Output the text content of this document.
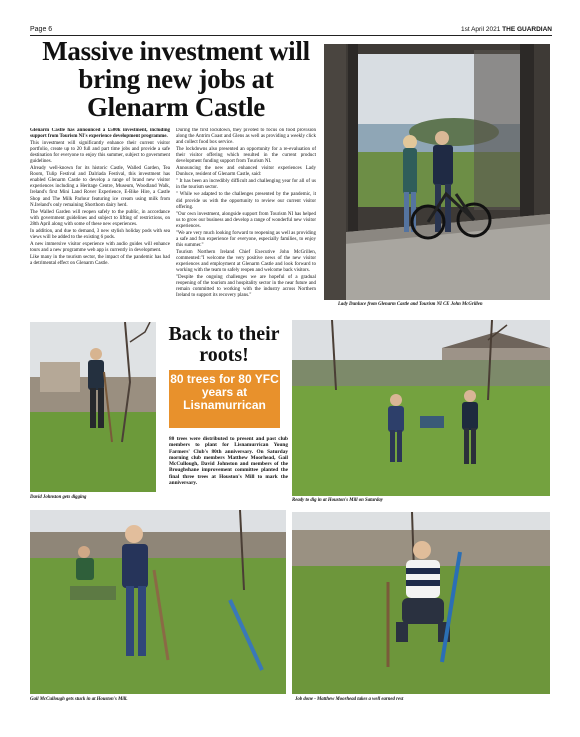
Page 6	1st April 2021 THE GUARDIAN
Massive investment will bring new jobs at Glenarm Castle

Glenarm Castle has announced a £500k investment, including support from Tourism NI's experience development programme.

This investment will significantly enhance their current visitor portfolio, create up to 20 full and part time jobs and provide a safe destination for everyone to enjoy this summer, subject to government guidelines.

Already well-known for its historic Castle, Walled Garden, Tea Room, Tulip Festival and Dalriada Festival, this investment has enabled Glenarm Castle to develop a range of brand new visitor experiences including a Heritage Centre, Museum, Woodland Walk, Ireland's first Mini Land Rover Experience, E-Bike Hire, a Castle Shop and The Milk Parlour featuring ice cream using milk from N.Ireland's only remaining Shorthorn dairy herd.

The Walled Garden will reopen safely to the public, in accordance with government guidelines and subject to lifting of restrictions, on 28th April along with some of these new experiences.

In addition, and due to demand, 3 new stylish holiday pods with sea views will be added to the existing 6 pods.

A new immersive visitor experience with audio guides will enhance tours and a new programme web app is currently in development.

Like many in the tourism sector, the impact of the pandemic has had a detrimental effect on Glenarm Castle.

During the first lockdown, they pivoted to focus on food provision along the Antrim Coast and Glens as well as providing a weekly click and collect food box service.

The lockdowns also presented an opportunity for a re-evaluation of their visitor offering which resulted in the current product development funding support from Tourism NI.

Announcing the new and enhanced visitor experiences Lady Dunluce, resident of Glenarm Castle, said:

" It has been an incredibly difficult and challenging year for all of us in the tourism sector.

" While we adapted to the challenges presented by the pandemic, it did provide us with the opportunity to review our current visitor offering.

"Our own investment, alongside support from Tourism NI has helped us to grow our business and develop a range of wonderful new visitor experiences.

"We are very much looking forward to reopening as well as providing a safe and fun experience for everyone, especially families, to enjoy this summer."

Tourism Northern Ireland Chief Executive John McGrillen, commented:"I welcome the very positive news of the new visitor experiences and employment at Glenarm Castle and look forward to working with the team to safely reopen and welcome back visitors.

"Despite the ongoing challenges we are hopeful of a gradual reopening of the tourism and hospitality sector in the near future and remain committed to working with the industry across Northern Ireland to support its recovery plans."

Lady Dunluce from Glenarm Castle and Tourism NI CE John McGrillen
David Johnston gets digging
Back to their roots!
80 trees for 80 YFC years at Lisnamurrican
80 trees were distributed to present and past club members to plant for Lisnamurrican Young Farmers' Club's 80th anniversary. On Saturday morning club members Matthew Moorhead, Gail McCullough, David Johnston and members of the Broughshane improvement committee planted the final three trees at Houston's Mill to mark the anniversary.
Ready to dig in at Houston's Mill on Saturday
Gail McCullough gets stuck in at Houston's Mill.	Job done - Matthew Moorhead takes a well earned rest
